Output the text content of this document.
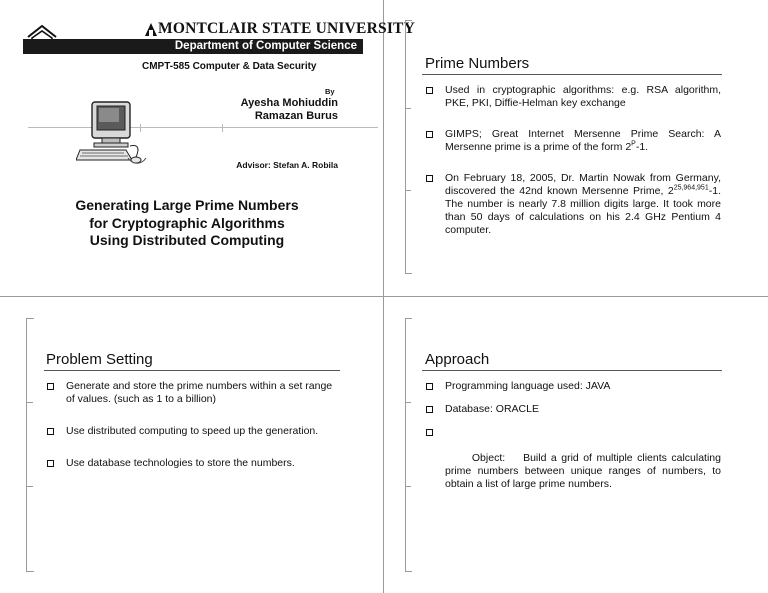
MONTCLAIR STATE UNIVERSITY
Department of Computer Science
CMPT-585 Computer & Data Security
By
Ayesha Mohiuddin
Ramazan Burus
Advisor: Stefan A. Robila
Generating Large Prime Numbers
for Cryptographic Algorithms
Using Distributed Computing
Prime Numbers
Used in cryptographic algorithms: e.g. RSA algorithm, PKE, PKI, Diffie-Helman key exchange
GIMPS; Great Internet Mersenne Prime Search: A Mersenne prime is a prime of the form $2^P-1$.
On February 18, 2005, Dr. Martin Nowak from Germany, discovered the 42nd known Mersenne Prime, 2$^{25,964,951}$-1. The number is nearly 7.8 million digits large. It took more than 50 days of calculations on his 2.4 GHz Pentium 4 computer.
Problem Setting
Generate and store the prime numbers within a set range of values. (such as 1 to a billion)
Use distributed computing to speed up the generation.
Use database technologies to store the numbers.
Approach
Programming language used: JAVA
Database: ORACLE

Object:    Build a grid of multiple clients calculating prime numbers between unique ranges of numbers, to obtain a list of large prime numbers.
